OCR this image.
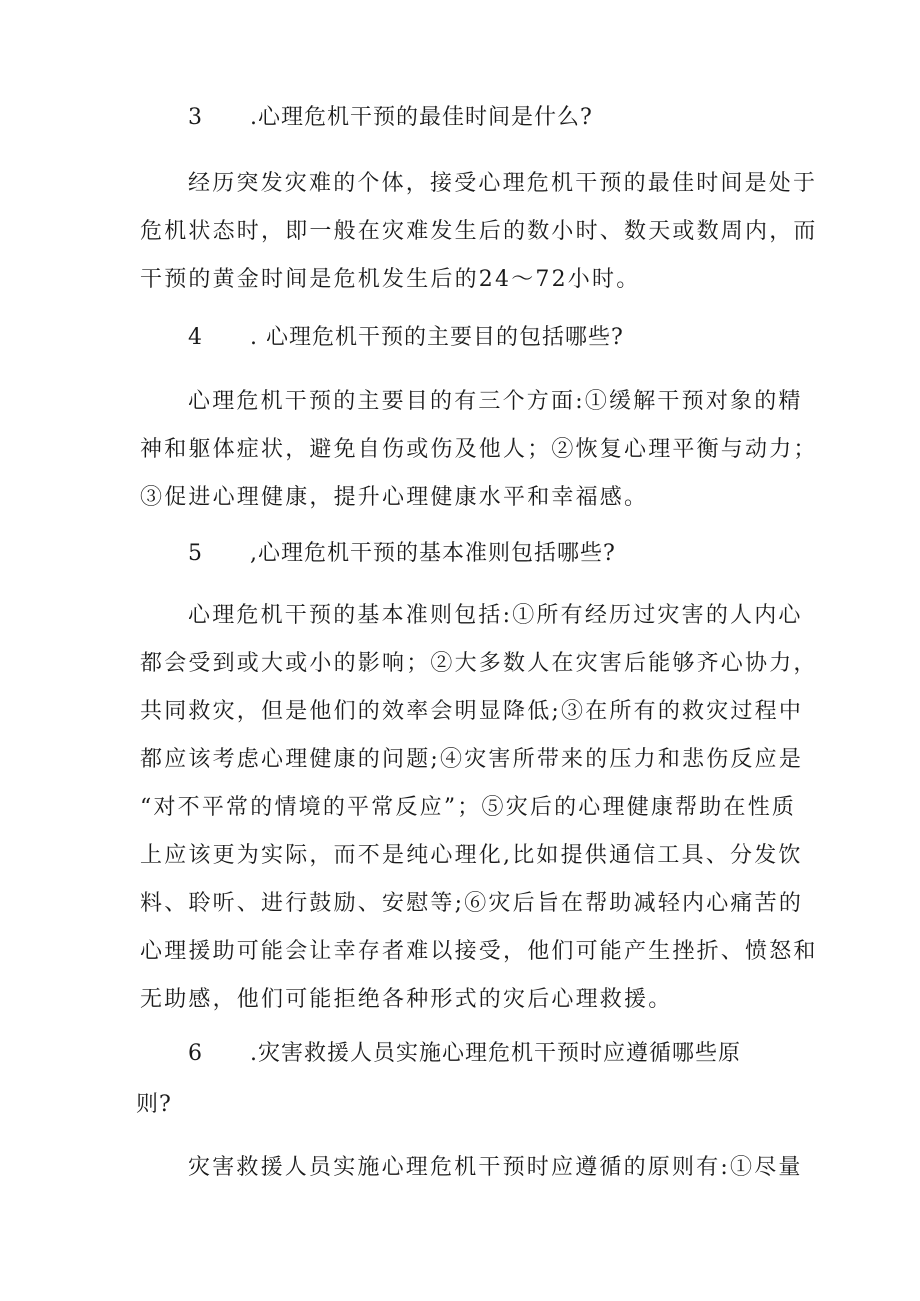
3 .心理危机干预的最佳时间是什么?
经历突发灾难的个体，接受心理危机干预的最佳时间是处于
危机状态时，即一般在灾难发生后的数小时、数天或数周内，而
干预的黄金时间是危机发生后的24～72小时。
4 . 心理危机干预的主要目的包括哪些?
心理危机干预的主要目的有三个方面:①缓解干预对象的精
神和躯体症状，避免自伤或伤及他人；②恢复心理平衡与动力；
③促进心理健康，提升心理健康水平和幸福感。
5 ,心理危机干预的基本准则包括哪些?
心理危机干预的基本准则包括:①所有经历过灾害的人内心
都会受到或大或小的影响；②大多数人在灾害后能够齐心协力，
共同救灾，但是他们的效率会明显降低;③在所有的救灾过程中
都应该考虑心理健康的问题;④灾害所带来的压力和悲伤反应是
“对不平常的情境的平常反应”；⑤灾后的心理健康帮助在性质
上应该更为实际，而不是纯心理化,比如提供通信工具、分发饮
料、聆听、进行鼓励、安慰等;⑥灾后旨在帮助减轻内心痛苦的
心理援助可能会让幸存者难以接受，他们可能产生挫折、愤怒和
无助感，他们可能拒绝各种形式的灾后心理救援。
6 .灾害救援人员实施心理危机干预时应遵循哪些原
则?
灾害救援人员实施心理危机干预时应遵循的原则有:①尽量
